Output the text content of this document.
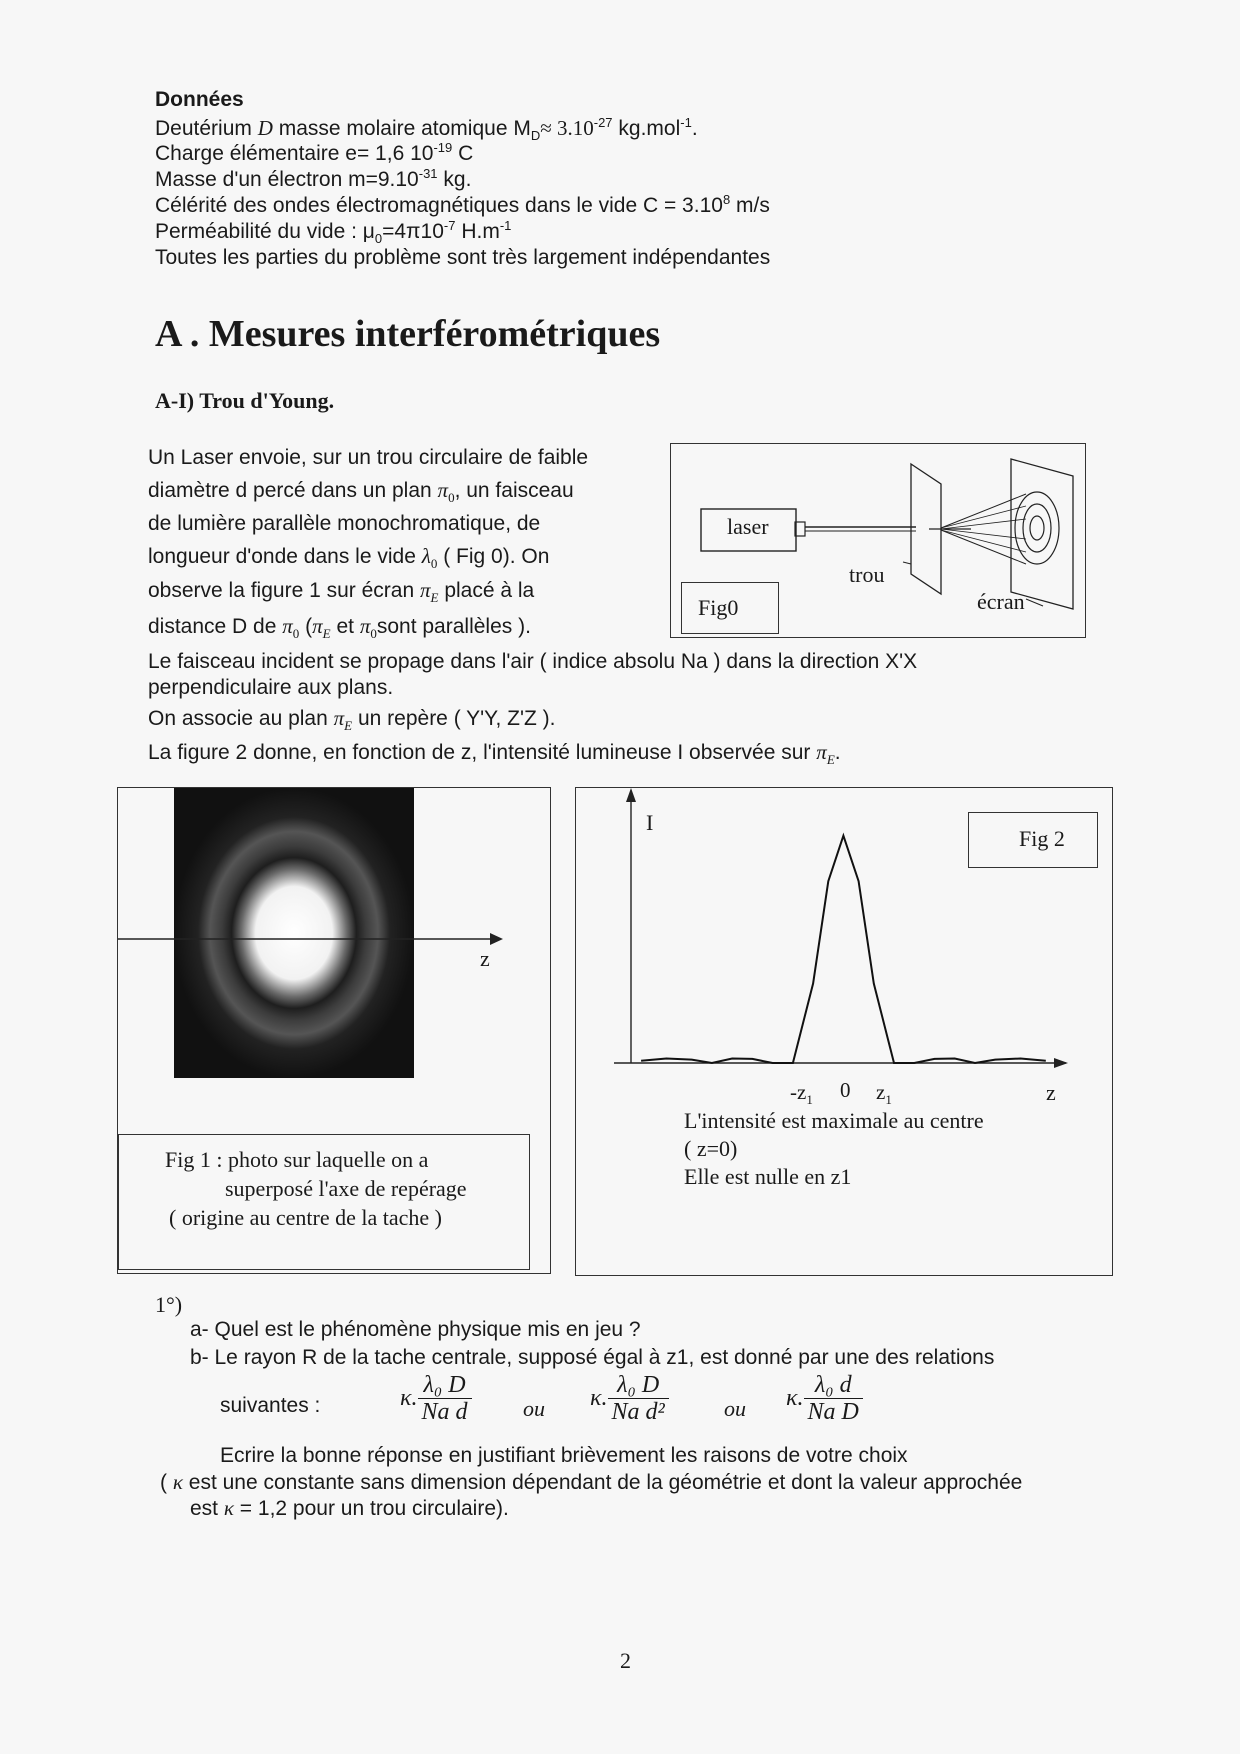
Données
Deutérium D masse molaire atomique $M_D\approx 3.10^{-27}$ kg.mol$^{-1}$.
Charge élémentaire e= 1,6 $10^{-19}$ C
Masse d'un électron $m=9.10^{-31}$ kg.
Célérité des ondes électromagnétiques dans le vide $C = 3.10^8$ m/s
Perméabilité du vide : $\mu_0=4\pi 10^{-7}$ $H.m^{-1}$
Toutes les parties du problème sont très largement indépendantes
A . Mesures interférométriques
A-I) Trou d'Young.
Un Laser envoie, sur un trou circulaire de faible
diamètre d percé dans un plan $\pi_0$, un faisceau
de lumière parallèle monochromatique, de
longueur d'onde dans le vide $\lambda_0$ ( Fig 0). On
observe la figure 1 sur écran $\pi_E$ placé à la
distance D de $\pi_0$ ($\pi_E$ et $\pi_0sont$ parallèles ).
Le faisceau incident se propage dans l'air ( indice absolu Na ) dans la direction X'X
perpendiculaire aux plans.
On associe au plan $\pi_E$ un repère ( Y'Y, Z'Z ).
La figure 2 donne, en fonction de z, l'intensité lumineuse I observée sur $\pi_E$.
laser
trou
écran
Fig0
z
Fig 1 : photo sur laquelle on a
superposé l'axe de repérage
( origine au centre de la tache )
I
Fig 2
$-z_1$ 0 $z_1$	z
L'intensité est maximale au centre
( z=0)
Elle est nulle en z1
1°)
a- Quel est le phénomène physique mis en jeu ?
b- Le rayon R de la tache centrale, supposé égal à z1, est donné par une des relations
suivantes :	κ. $\frac{\text{λ₀ D}}{\text{Na d}}$ ou κ. $\frac{\text{λ₀ D}}{\text{Na d²}}$	ou κ. $\frac{\text{λ₀ d}}{\text{Na D}}$
Ecrire la bonne réponse en justifiant brièvement les raisons de votre choix
( κ est une constante sans dimension dépendant de la géométrie et dont la valeur approchée
est κ = 1,2 pour un trou circulaire).
2
